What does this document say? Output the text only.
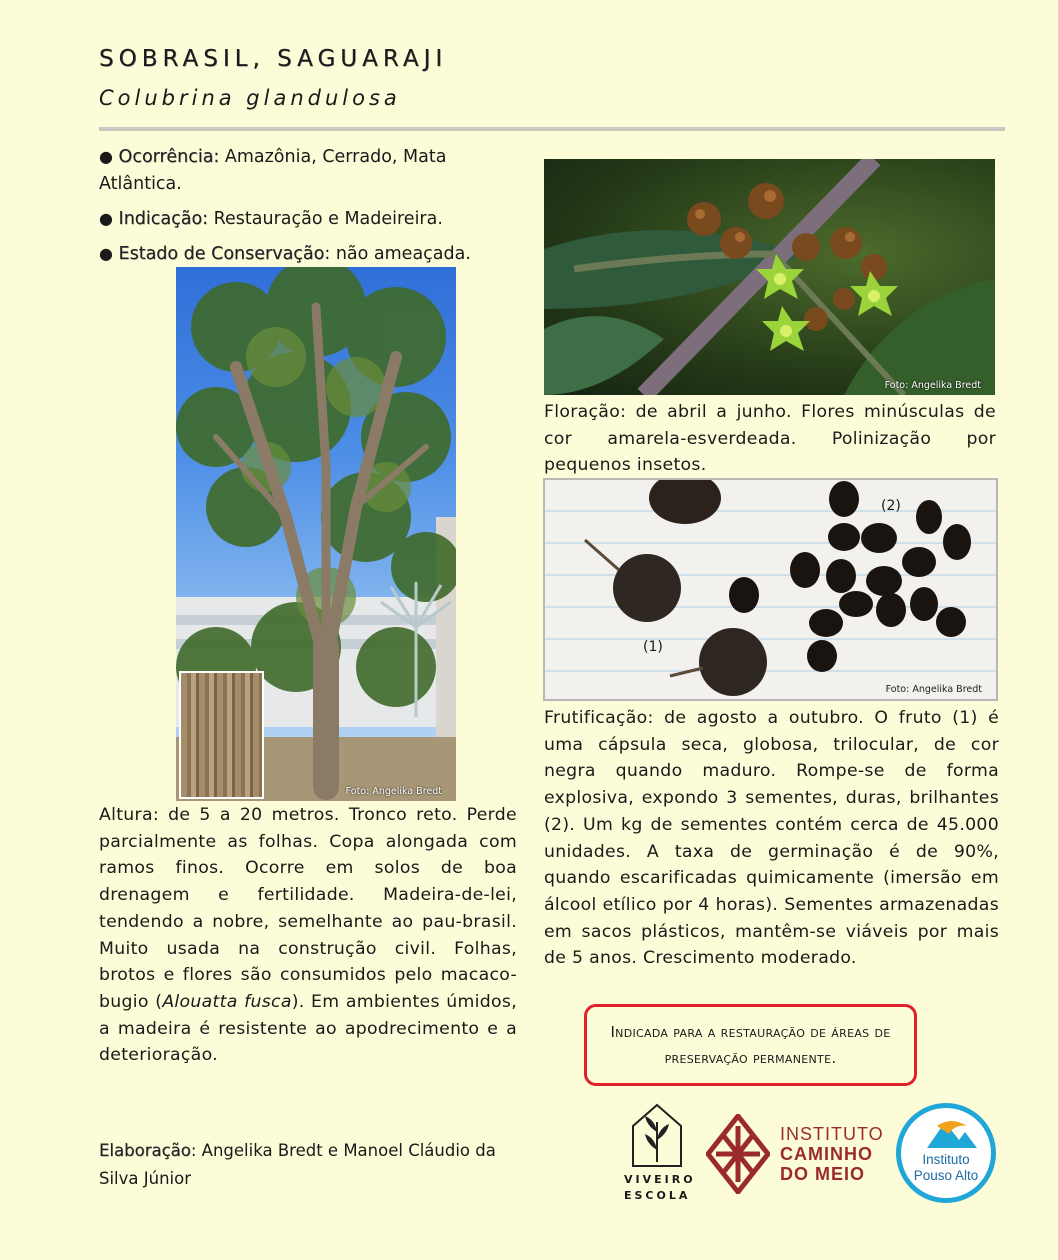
SOBRASIL, SAGUARAJI
Colubrina glandulosa

● Ocorrência: Amazônia, Cerrado, Mata Atlântica.

● Indicação: Restauração e Madeireira.

● Estado de Conservação: não ameaçada.

Foto: Angelika Bredt
Foto: Angelika Bredt
Floração: de abril a junho. Flores minúsculas de cor amarela-esverdeada. Polinização por pequenos insetos.
(2)
(1)
Foto: Angelika Bredt
Frutificação: de agosto a outubro. O fruto (1) é uma cápsula seca, globosa, trilocular, de cor negra quando maduro. Rompe-se de forma explosiva, expondo 3 sementes, duras, brilhantes (2). Um kg de sementes contém cerca de 45.000 unidades. A taxa de germinação é de 90%, quando escarificadas quimicamente (imersão em álcool etílico por 4 horas). Sementes armazenadas em sacos plásticos, mantêm-se viáveis por mais de 5 anos. Crescimento moderado.
Altura: de 5 a 20 metros. Tronco reto. Perde parcialmente as folhas. Copa alongada com ramos finos. Ocorre em solos de boa drenagem e fertilidade. Madeira-de-lei, tendendo a nobre, semelhante ao pau-brasil. Muito usada na construção civil. Folhas, brotos e flores são consumidos pelo macaco-bugio (Alouatta fusca). Em ambientes úmidos, a madeira é resistente ao apodrecimento e a deterioração.
Indicada para a restauração de áreas de preservação permanente.
Elaboração: Angelika Bredt e Manoel Cláudio da Silva Júnior	VIVEIRO
ESCOLA
INSTITUTO
CAMINHO
DO MEIO
Instituto
Pouso Alto
